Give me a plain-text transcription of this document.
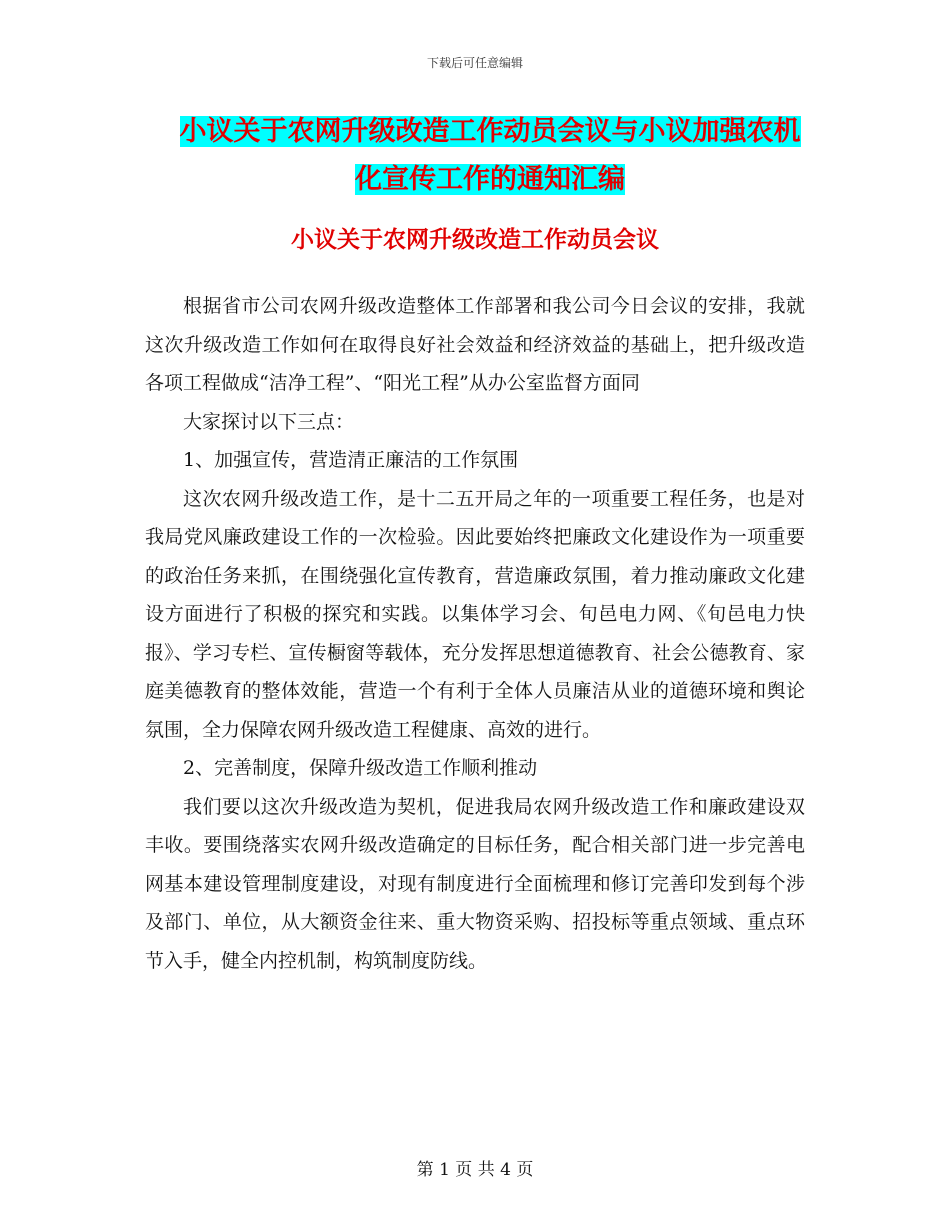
下载后可任意编辑
小议关于农网升级改造工作动员会议与小议加强农机
化宣传工作的通知汇编
小议关于农网升级改造工作动员会议

根据省市公司农网升级改造整体工作部署和我公司今日会议的安排，我就这次升级改造工作如何在取得良好社会效益和经济效益的基础上，把升级改造各项工程做成“洁净工程”、“阳光工程”从办公室监督方面同

大家探讨以下三点：

1、加强宣传，营造清正廉洁的工作氛围

这次农网升级改造工作，是十二五开局之年的一项重要工程任务，也是对我局党风廉政建设工作的一次检验。因此要始终把廉政文化建设作为一项重要的政治任务来抓，在围绕强化宣传教育，营造廉政氛围，着力推动廉政文化建设方面进行了积极的探究和实践。以集体学习会、旬邑电力网、《旬邑电力快报》、学习专栏、宣传橱窗等载体，充分发挥思想道德教育、社会公德教育、家庭美德教育的整体效能，营造一个有利于全体人员廉洁从业的道德环境和舆论氛围，全力保障农网升级改造工程健康、高效的进行。

2、完善制度，保障升级改造工作顺利推动

我们要以这次升级改造为契机，促进我局农网升级改造工作和廉政建设双丰收。要围绕落实农网升级改造确定的目标任务，配合相关部门进一步完善电网基本建设管理制度建设，对现有制度进行全面梳理和修订完善印发到每个涉及部门、单位，从大额资金往来、重大物资采购、招投标等重点领域、重点环节入手，健全内控机制，构筑制度防线。

第 1 页 共 4 页
